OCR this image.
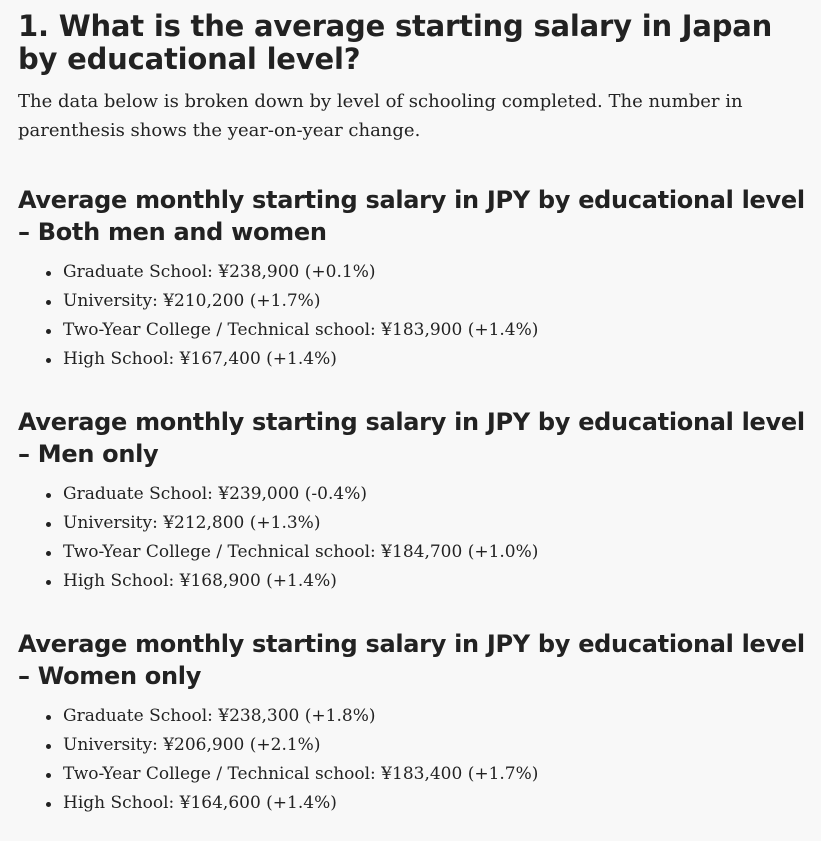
1. What is the average starting salary in Japan by educational level?

The data below is broken down by level of schooling completed. The number in parenthesis shows the year-on-year change.

Average monthly starting salary in JPY by educational level – Both men and women
Graduate School: ¥238,900 (+0.1%)
University: ¥210,200 (+1.7%)
Two-Year College / Technical school: ¥183,900 (+1.4%)
High School: ¥167,400 (+1.4%)
Average monthly starting salary in JPY by educational level – Men only
Graduate School: ¥239,000 (-0.4%)
University: ¥212,800 (+1.3%)
Two-Year College / Technical school: ¥184,700 (+1.0%)
High School: ¥168,900 (+1.4%)
Average monthly starting salary in JPY by educational level – Women only
Graduate School: ¥238,300 (+1.8%)
University: ¥206,900 (+2.1%)
Two-Year College / Technical school: ¥183,400 (+1.7%)
High School: ¥164,600 (+1.4%)
